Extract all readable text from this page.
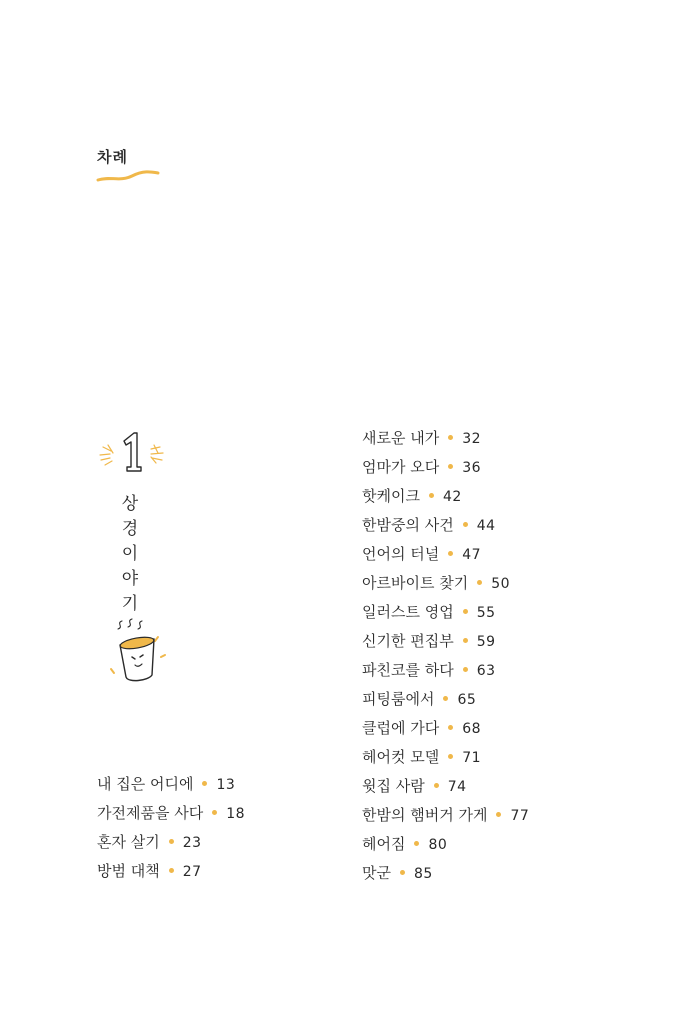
차례
1
상
경
이
야
기
내 집은 어디에 13
가전제품을 사다 18
혼자 살기 23
방범 대책 27
새로운 내가 32
엄마가 오다 36
핫케이크 42
한밤중의 사건 44
언어의 터널 47
아르바이트 찾기 50
일러스트 영업 55
신기한 편집부 59
파친코를 하다 63
피팅룸에서 65
클럽에 가다 68
헤어컷 모델 71
윗집 사람 74
한밤의 햄버거 가게 77
헤어짐 80
맛군 85
